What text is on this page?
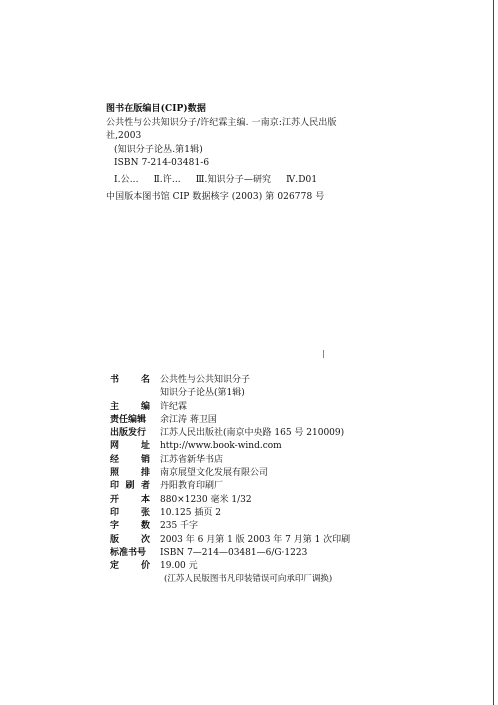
图书在版编目(CIP)数据
公共性与公共知识分子/许纪霖主编. 一南京:江苏人民出版
社,2003
(知识分子论丛.第1辑)
ISBN 7-214-03481-6
Ⅰ.公... Ⅱ.许... Ⅲ.知识分子—研究 Ⅳ.D01
中国版本图书馆 CIP 数据核字 (2003) 第 026778 号
书 名 公共性与公共知识分子
知识分子论丛(第1辑)
主 编 许纪霖
责任编辑 余江涛 蒋卫国
出版发行 江苏人民出版社(南京中央路 165 号 210009)
网 址 http://www.book-wind.com
经 销 江苏省新华书店
照 排 南京展望文化发展有限公司
印 刷 者 丹阳教育印刷厂
开 本 880×1230 毫米 1/32
印 张 10.125 插页 2
字 数 235 千字
版 次 2003 年 6 月第 1 版 2003 年 7 月第 1 次印刷
标准书号 ISBN 7—214—03481—6/G·1223
定 价 19.00 元
(江苏人民版图书凡印装错误可向承印厂调换)
